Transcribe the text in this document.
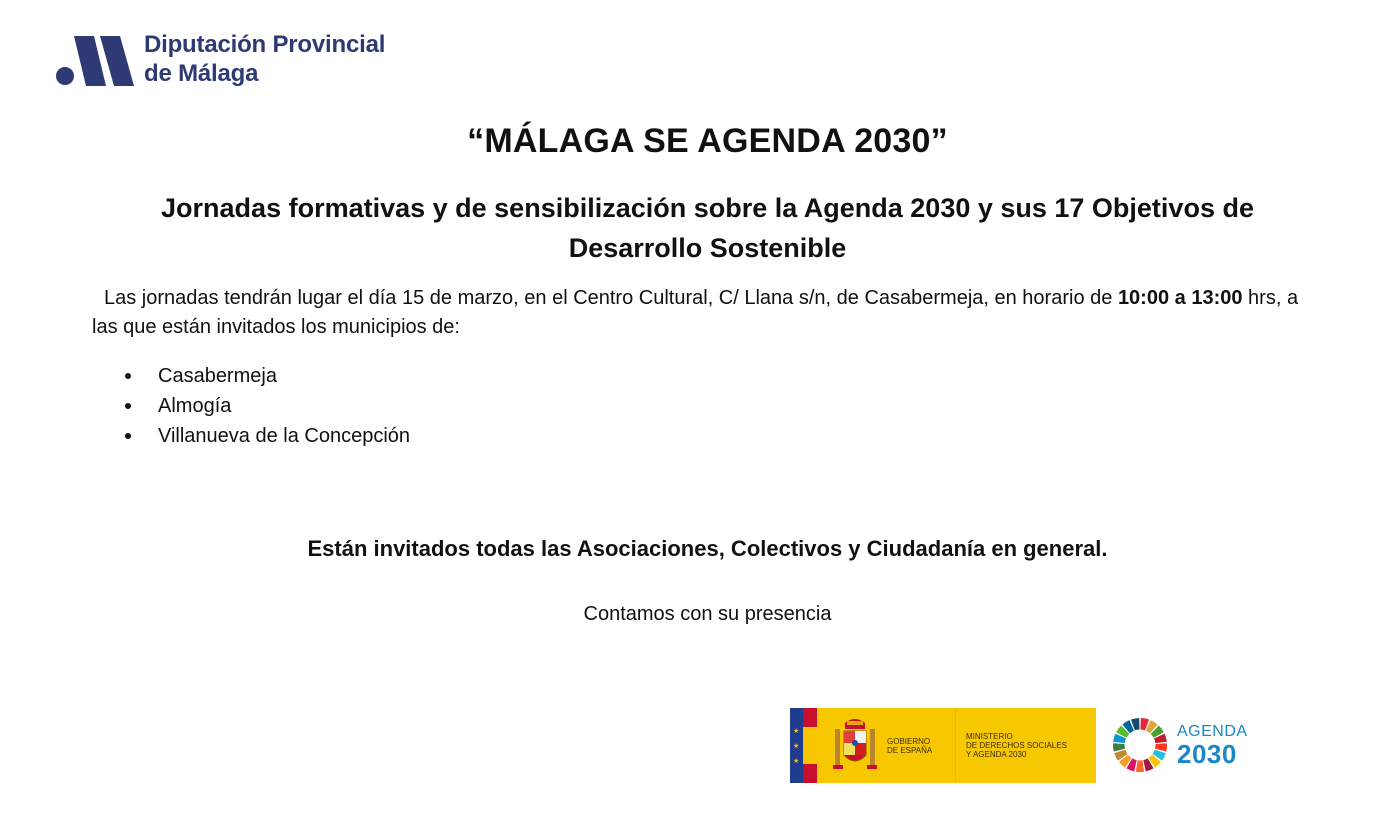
Diputación Provincial
de Málaga
“MÁLAGA SE AGENDA 2030”
Jornadas formativas y de sensibilización sobre la Agenda 2030 y sus 17 Objetivos de
Desarrollo Sostenible

Las jornadas tendrán lugar el día 15 de marzo, en el Centro Cultural, C/ Llana s/n, de Casabermeja, en horario de 10:00 a 13:00 hrs, a las que están invitados los municipios de:

Casabermeja
Almogía
Villanueva de la Concepción

Están invitados todas las Asociaciones, Colectivos y Ciudadanía en general.

Contamos con su presencia

★
★
★
GOBIERNO
DE ESPAÑA
MINISTERIO
DE DERECHOS SOCIALES
Y AGENDA 2030
AGENDA
2030
